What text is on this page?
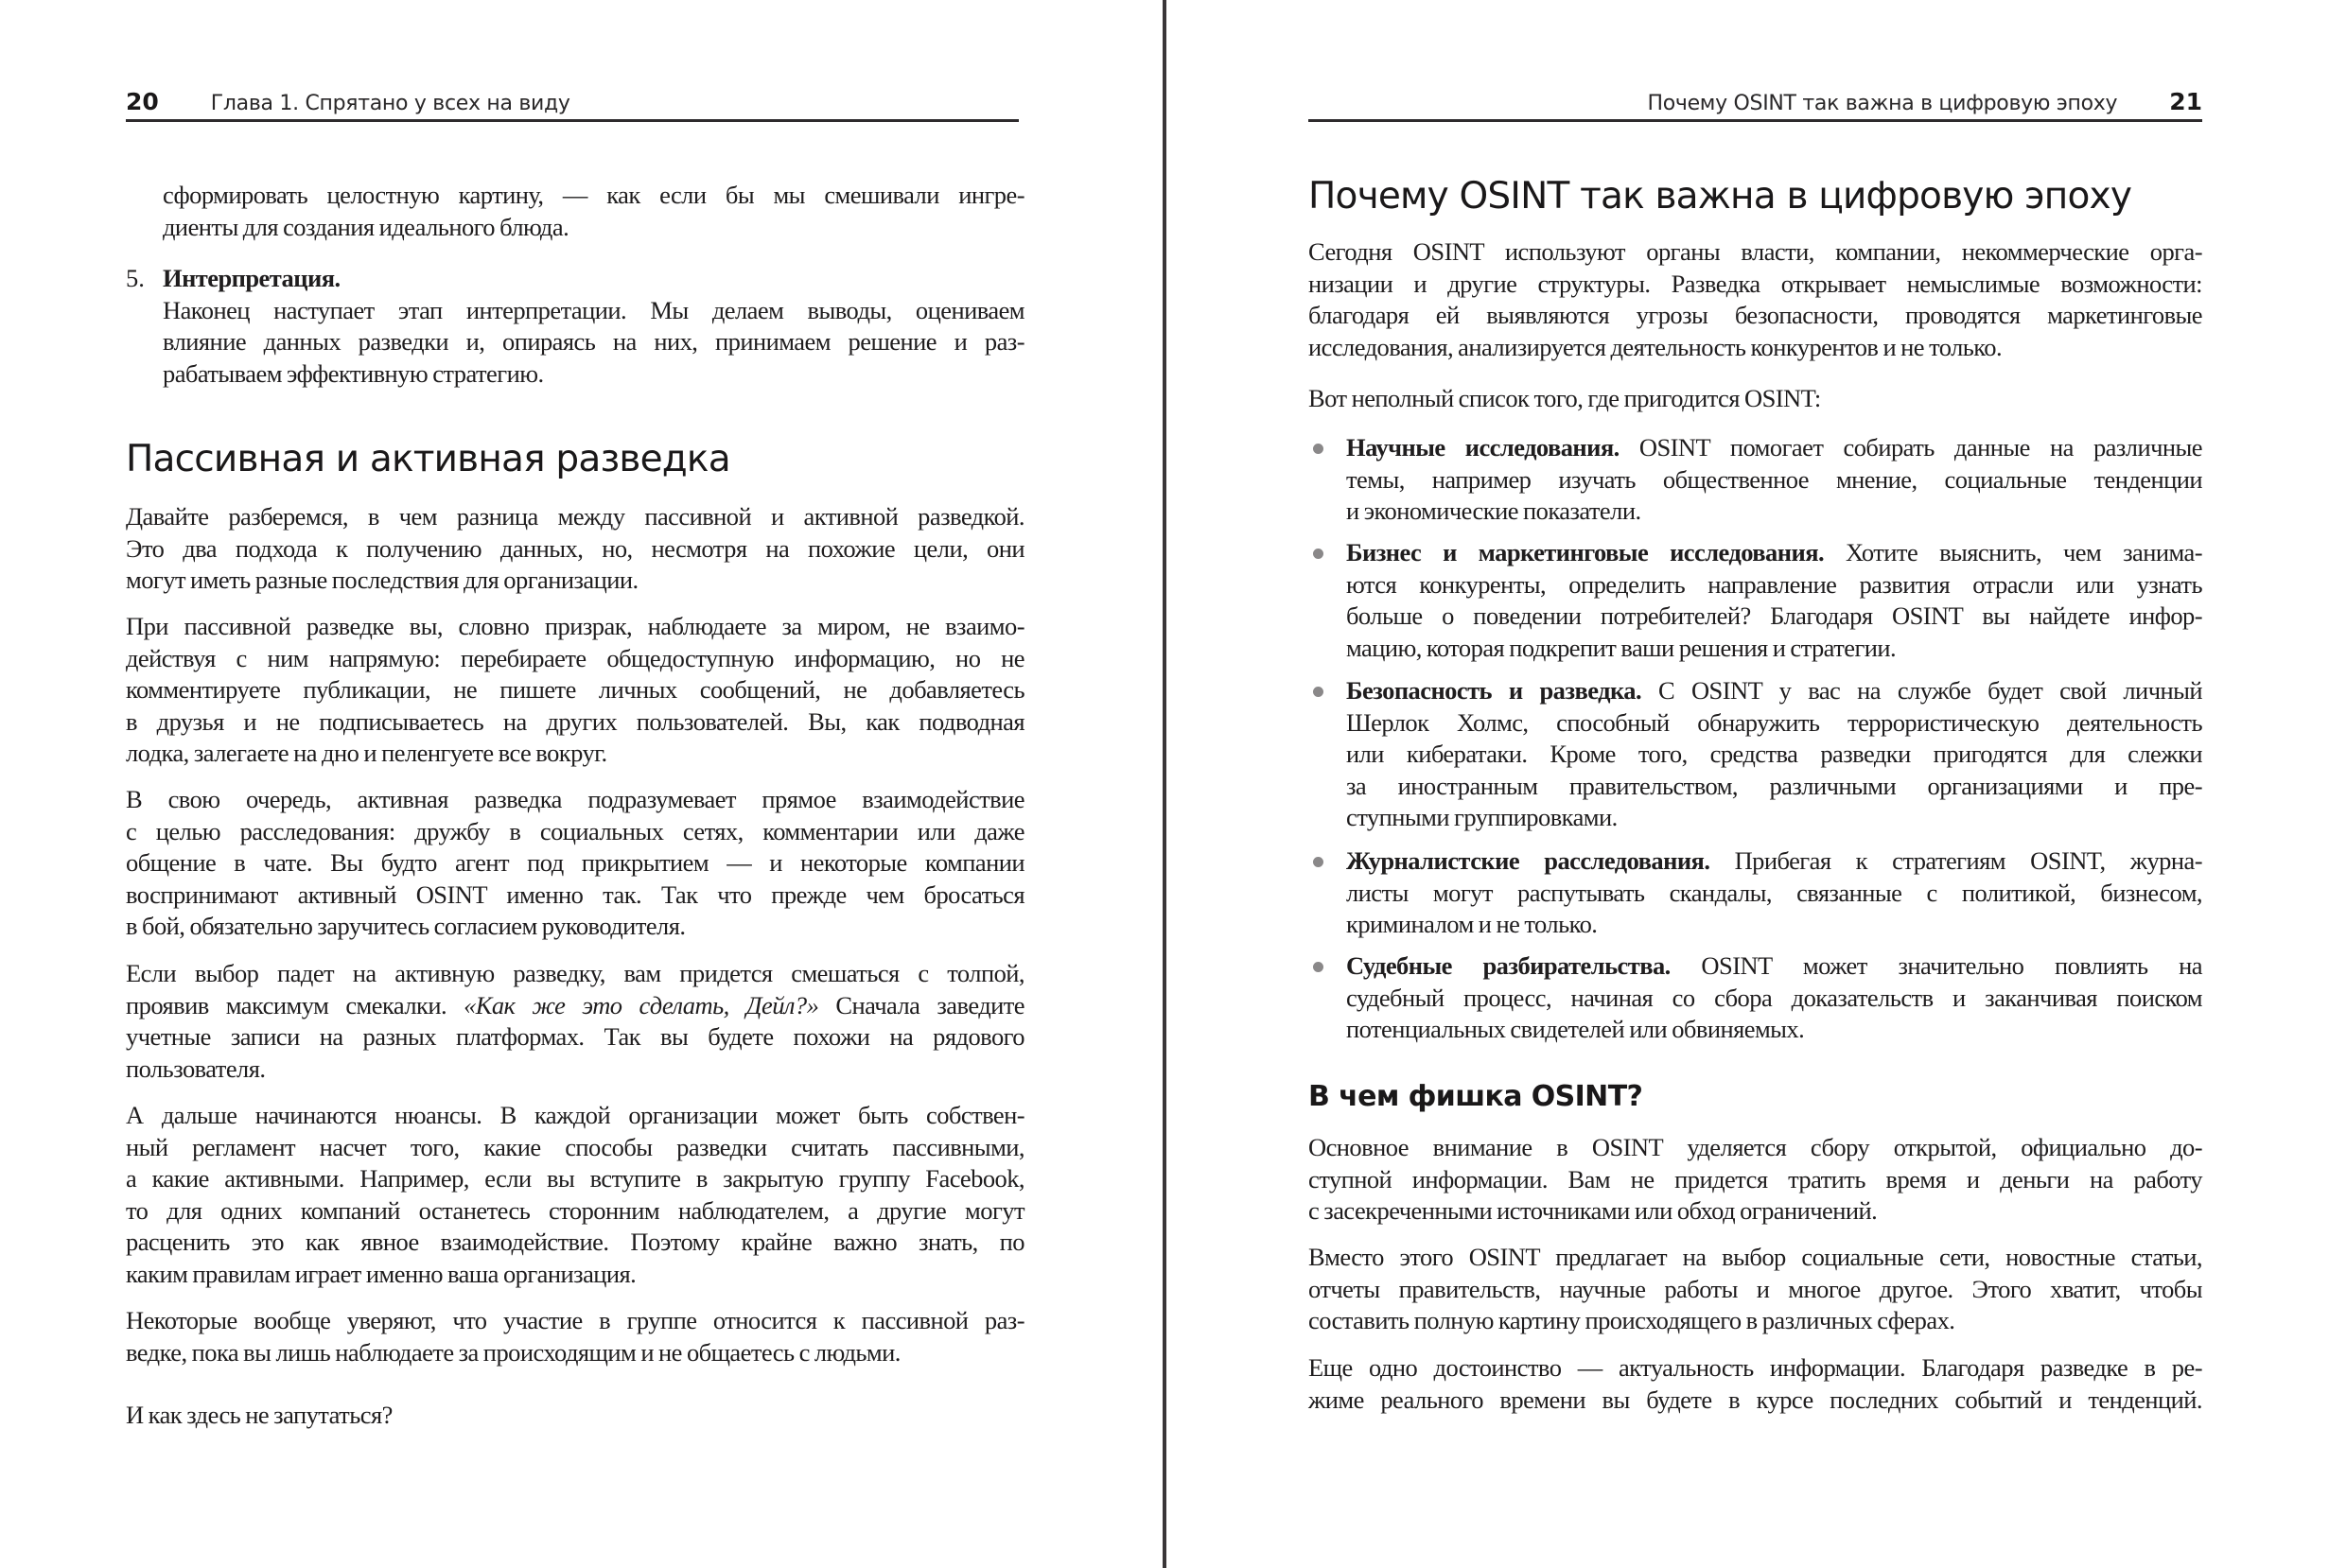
20	Глава 1. Спрятано у всех на виду
сформировать целостную картину, — как если бы мы смешивали ингре-
диенты для создания идеального блюда.
5. Интерпретация.
Наконец наступает этап интерпретации. Мы делаем выводы, оцениваем
влияние данных разведки и, опираясь на них, принимаем решение и раз-
рабатываем эффективную стратегию.
Пассивная и активная разведка
Давайте разберемся, в чем разница между пассивной и активной разведкой.
Это два подхода к получению данных, но, несмотря на похожие цели, они
могут иметь разные последствия для организации.
При пассивной разведке вы, словно призрак, наблюдаете за миром, не взаимо-
действуя с ним напрямую: перебираете общедоступную информацию, но не
комментируете публикации, не пишете личных сообщений, не добавляетесь
в друзья и не подписываетесь на других пользователей. Вы, как подводная
лодка, залегаете на дно и пеленгуете все вокруг.
В свою очередь, активная разведка подразумевает прямое взаимодействие
с целью расследования: дружбу в социальных сетях, комментарии или даже
общение в чате. Вы будто агент под прикрытием — и некоторые компании
воспринимают активный OSINT именно так. Так что прежде чем бросаться
в бой, обязательно заручитесь согласием руководителя.
Если выбор падет на активную разведку, вам придется смешаться с толпой,
проявив максимум смекалки. «Как же это сделать, Дейл?» Сначала заведите
учетные записи на разных платформах. Так вы будете похожи на рядового
пользователя.
А дальше начинаются нюансы. В каждой организации может быть собствен-
ный регламент насчет того, какие способы разведки считать пассивными,
а какие активными. Например, если вы вступите в закрытую группу Facebook,
то для одних компаний останетесь сторонним наблюдателем, а другие могут
расценить это как явное взаимодействие. Поэтому крайне важно знать, по
каким правилам играет именно ваша организация.
Некоторые вообще уверяют, что участие в группе относится к пассивной раз-
ведке, пока вы лишь наблюдаете за происходящим и не общаетесь с людьми.
И как здесь не запутаться?
Почему OSINT так важна в цифровую эпоху 21
Почему OSINT так важна в цифровую эпоху
Сегодня OSINT используют органы власти, компании, некоммерческие орга-
низации и другие структуры. Разведка открывает немыслимые возможности:
благодаря ей выявляются угрозы безопасности, проводятся маркетинговые
исследования, анализируется деятельность конкурентов и не только.
Вот неполный список того, где пригодится OSINT:
Научные исследования. OSINT помогает собирать данные на различные
темы, например изучать общественное мнение, социальные тенденции
и экономические показатели.
Бизнес и маркетинговые исследования. Хотите выяснить, чем занима-
ются конкуренты, определить направление развития отрасли или узнать
больше о поведении потребителей? Благодаря OSINT вы найдете инфор-
мацию, которая подкрепит ваши решения и стратегии.
Безопасность и разведка. С OSINT у вас на службе будет свой личный
Шерлок Холмс, способный обнаружить террористическую деятельность
или кибератаки. Кроме того, средства разведки пригодятся для слежки
за иностранным правительством, различными организациями и пре-
ступными группировками.
Журналистские расследования. Прибегая к стратегиям OSINT, журна-
листы могут распутывать скандалы, связанные с политикой, бизнесом,
криминалом и не только.
Судебные разбирательства. OSINT может значительно повлиять на
судебный процесс, начиная со сбора доказательств и заканчивая поиском
потенциальных свидетелей или обвиняемых.
В чем фишка OSINT?
Основное внимание в OSINT уделяется сбору открытой, официально до-
ступной информации. Вам не придется тратить время и деньги на работу
с засекреченными источниками или обход ограничений.
Вместо этого OSINT предлагает на выбор социальные сети, новостные статьи,
отчеты правительств, научные работы и многое другое. Этого хватит, чтобы
составить полную картину происходящего в различных сферах.
Еще одно достоинство — актуальность информации. Благодаря разведке в ре-
жиме реального времени вы будете в курсе последних событий и тенденций.
